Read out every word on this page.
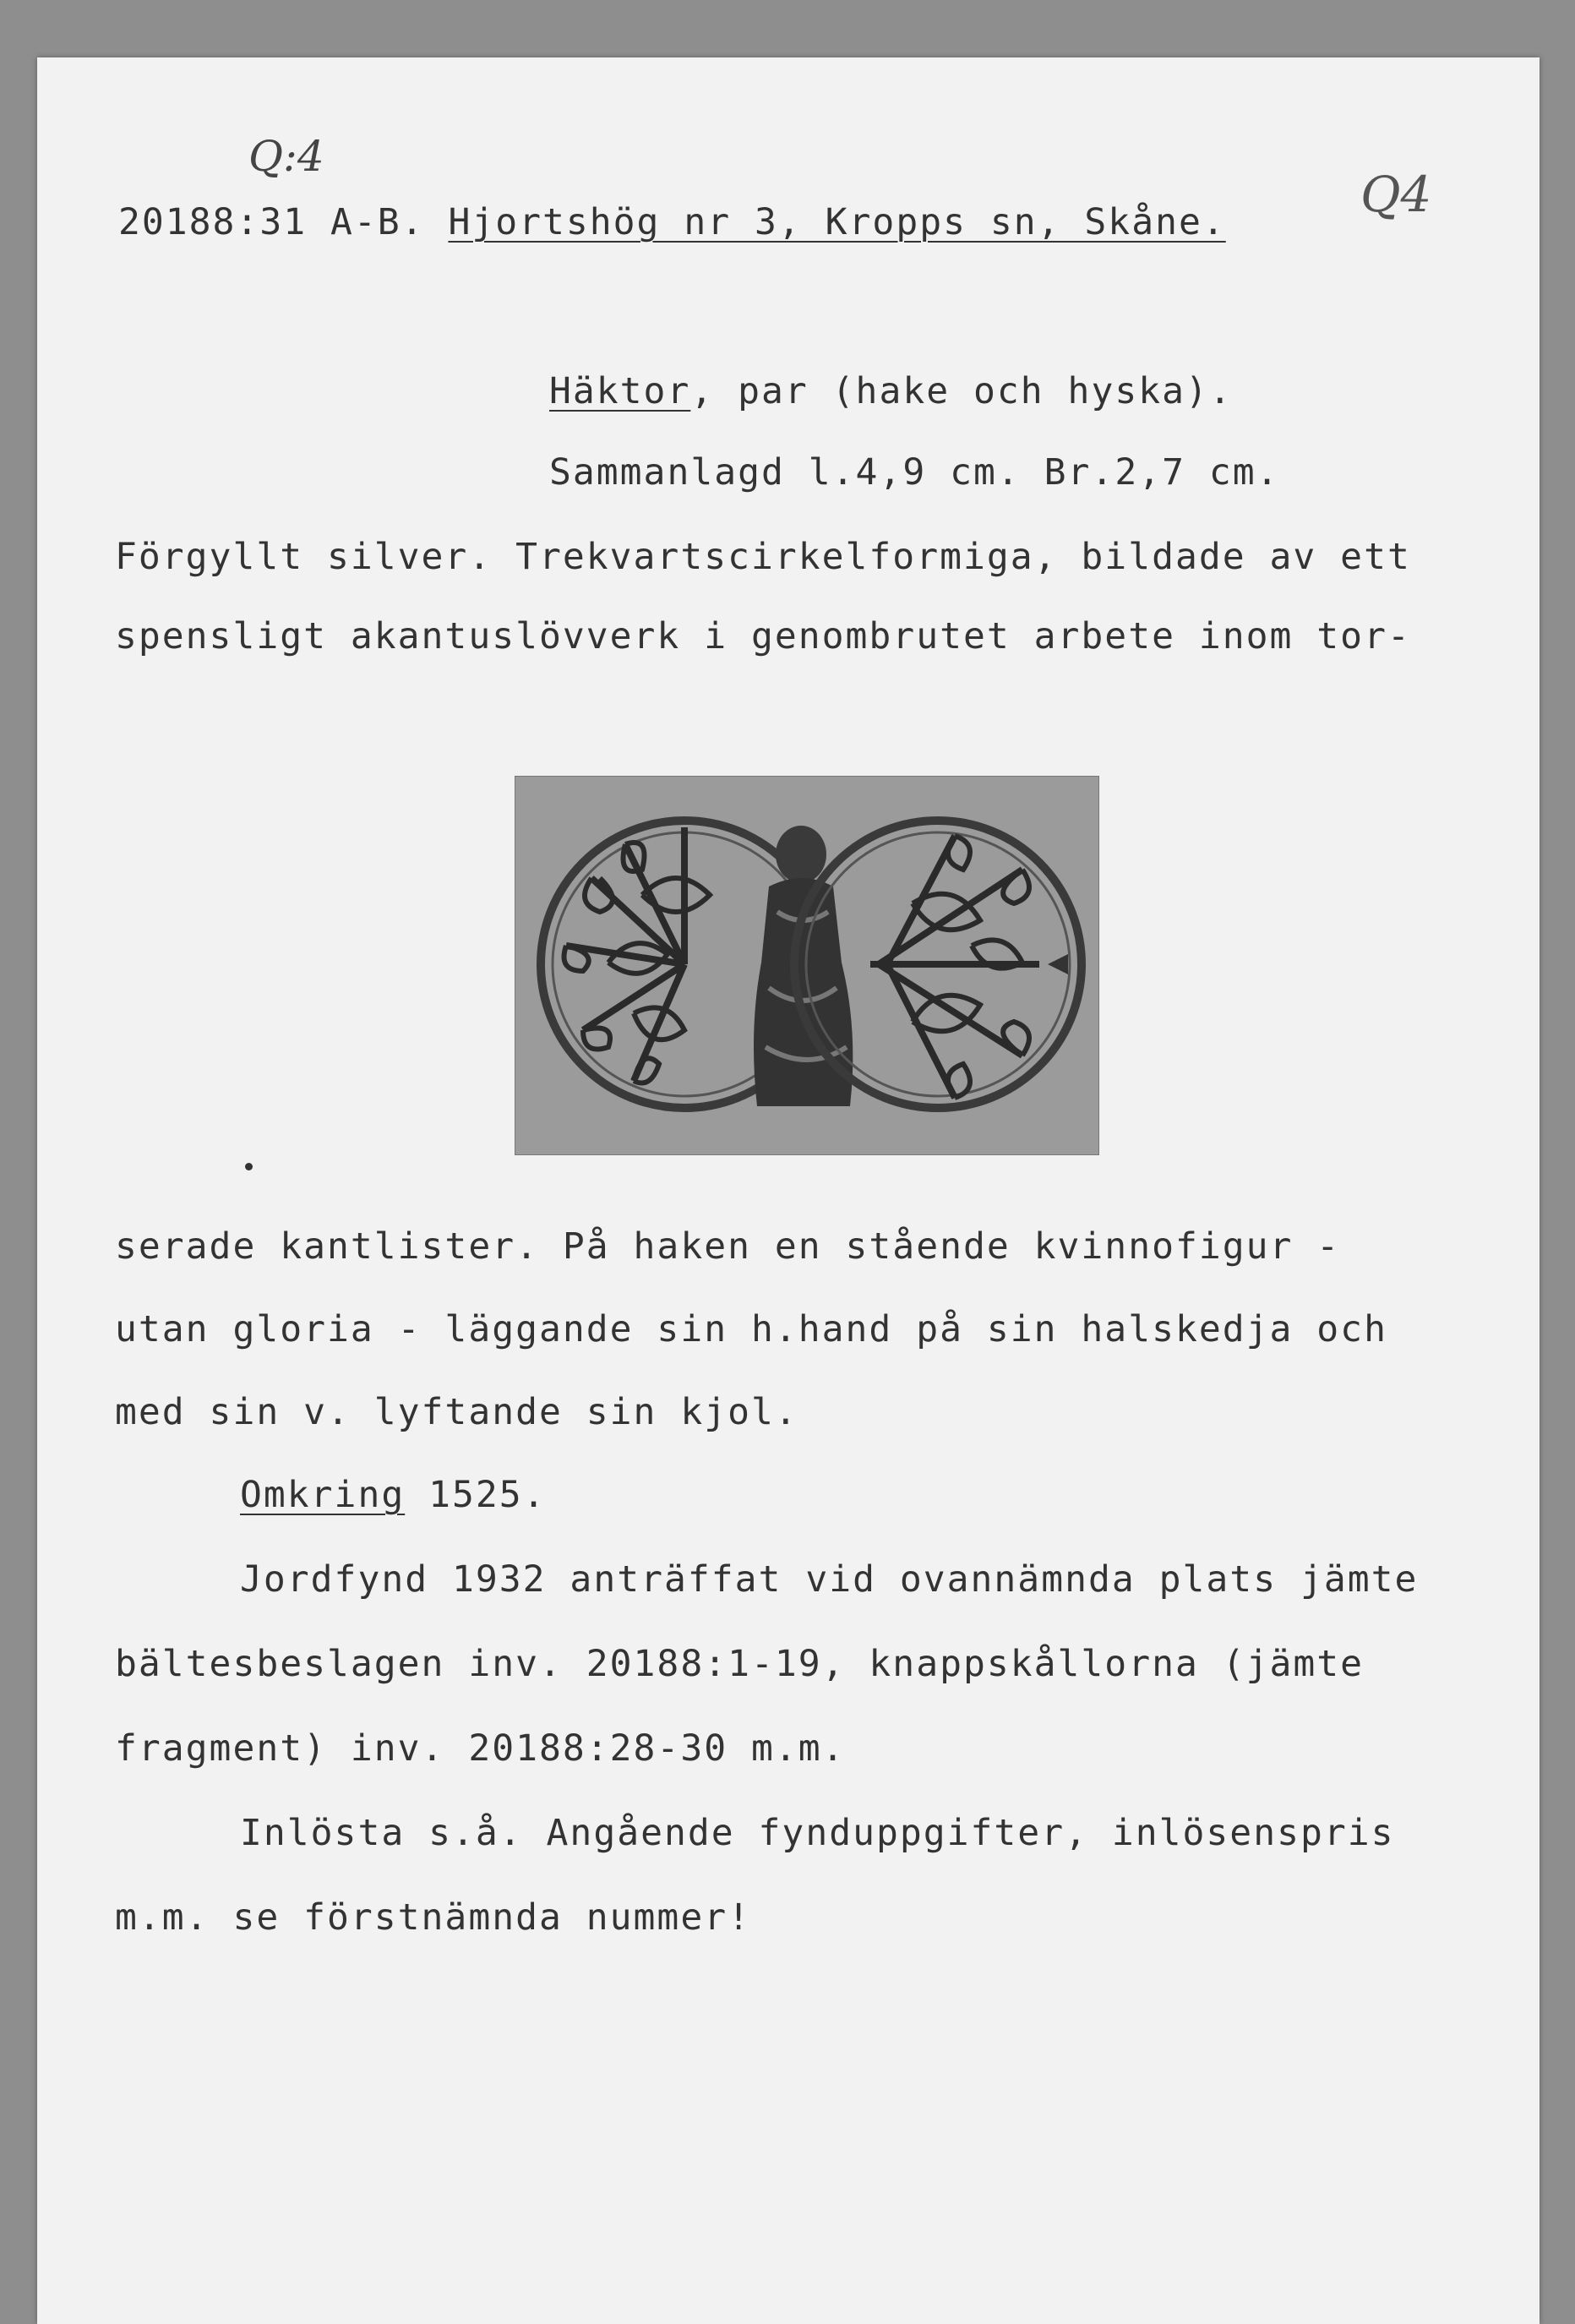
Q:4
Q4
20188:31 A-B. Hjortshög nr 3, Kropps sn, Skåne.
Häktor, par (hake och hyska).
Sammanlagd l.4,9 cm. Br.2,7 cm.
Förgyllt silver. Trekvartscirkelformiga, bildade av ett
spensligt akantuslövverk i genombrutet arbete inom tor-
serade kantlister. På haken en stående kvinnofigur -
utan gloria - läggande sin h.hand på sin halskedja och
med sin v. lyftande sin kjol.
Omkring 1525.
Jordfynd 1932 anträffat vid ovannämnda plats jämte
bältesbeslagen inv. 20188:1-19, knappskållorna (jämte
fragment) inv. 20188:28-30 m.m.
Inlösta s.å. Angående fynduppgifter, inlösenspris
m.m. se förstnämnda nummer!
